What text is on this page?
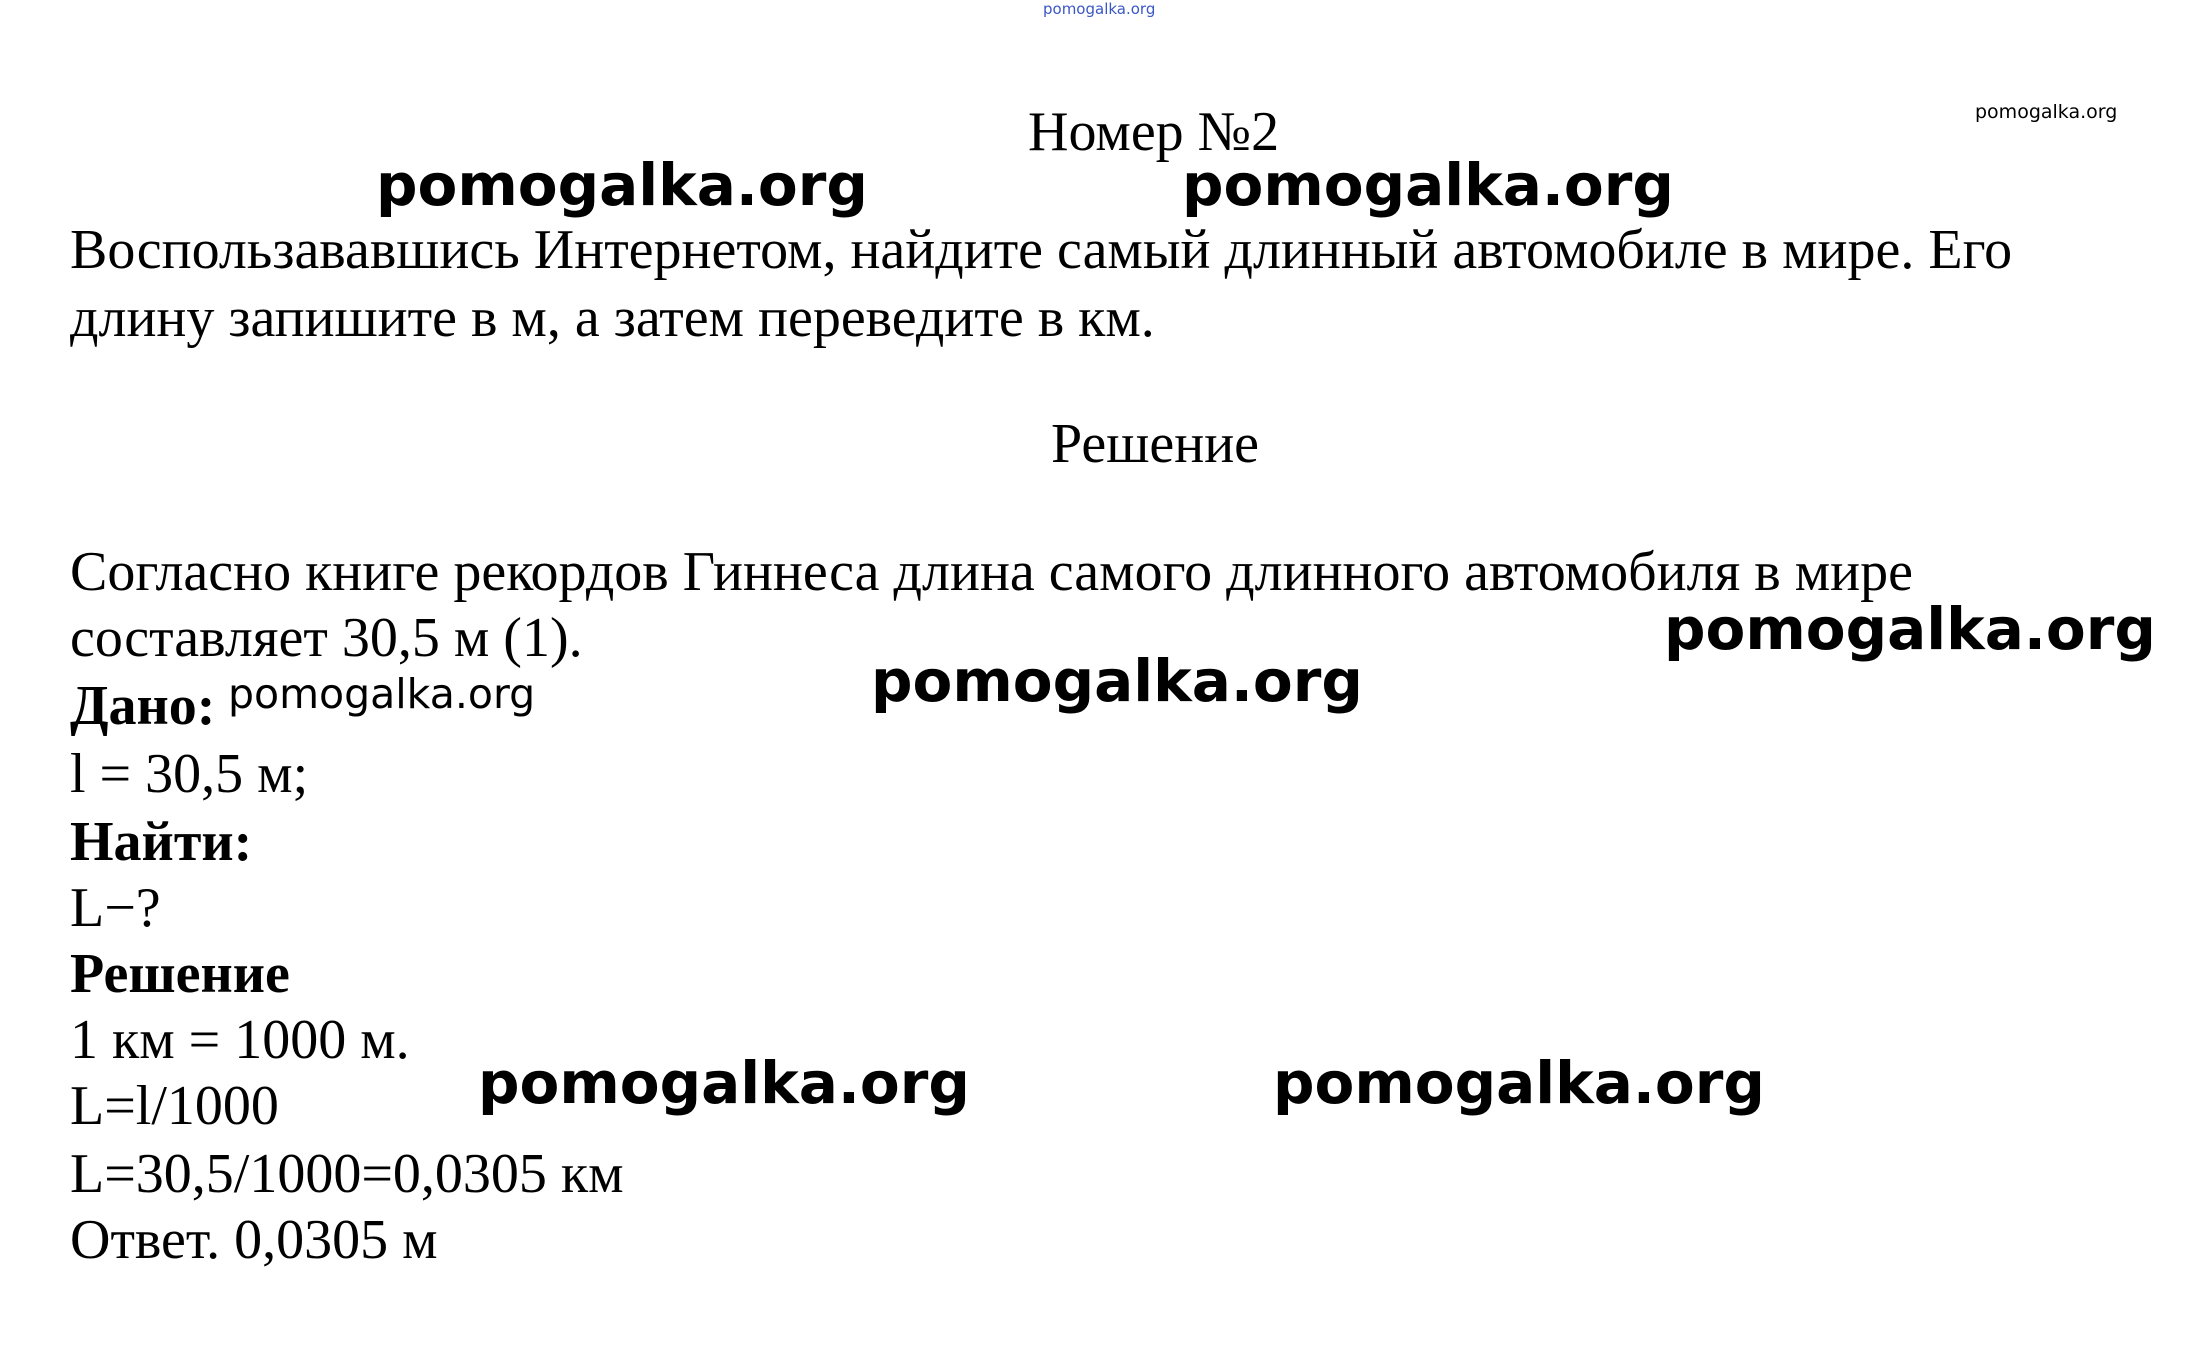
pomogalka.org
pomogalka.org
Номер №2
pomogalka.org	pomogalka.org
Воспользававшись Интернетом, найдите самый длинный автомобиле в мире. Его
длину запишите в м, а затем переведите в км.
Решение
Согласно книге рекордов Гиннеса длина самого длинного автомобиля в мире
составляет 30,5 м (1).	pomogalka.org
pomogalka.org
Дано: pomogalka.org
l = 30,5 м;
Найти:
L−?
Решение
1 км = 1000 м.
L=l/1000
L=30,5/1000=0,0305 км
Ответ. 0,0305 м
pomogalka.org	pomogalka.org
